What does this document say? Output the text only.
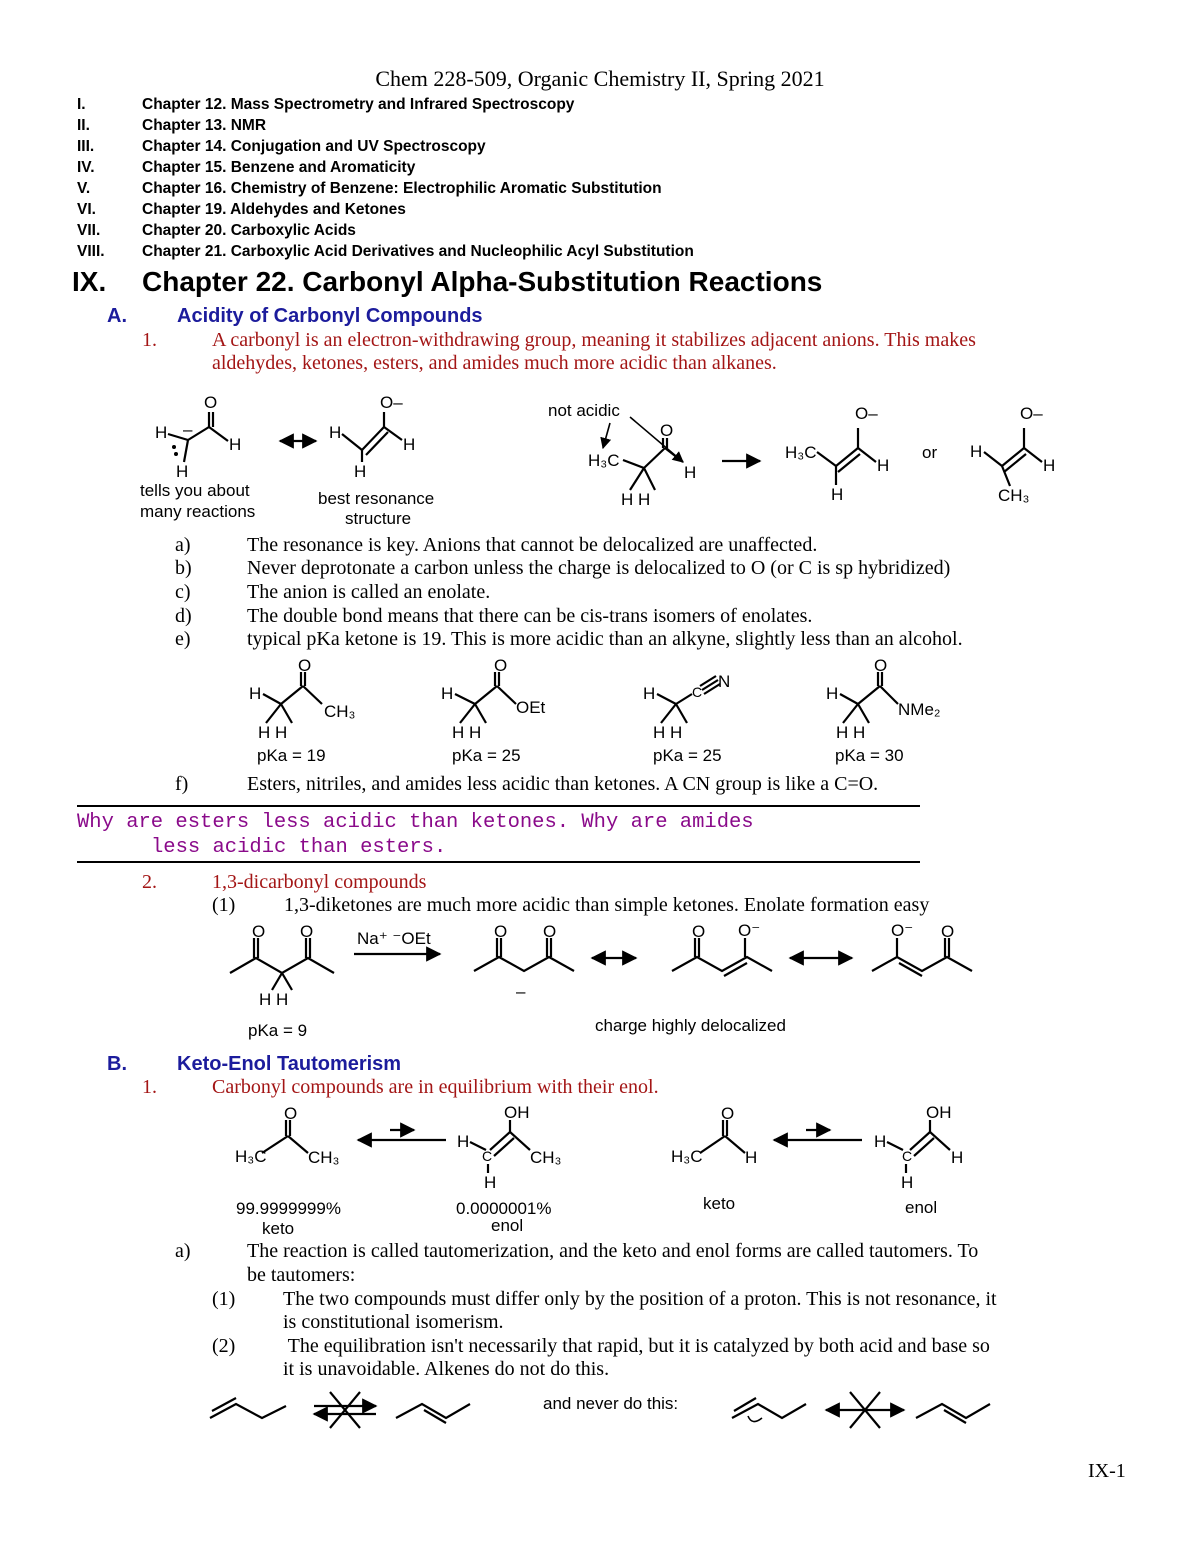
Chem 228-509, Organic Chemistry II, Spring 2021
I.	Chapter 12. Mass Spectrometry and Infrared Spectroscopy
II.	Chapter 13. NMR
III.	Chapter 14. Conjugation and UV Spectroscopy
IV.	Chapter 15. Benzene and Aromaticity
V.	Chapter 16. Chemistry of Benzene: Electrophilic Aromatic Substitution
VI.	Chapter 19. Aldehydes and Ketones
VII.	Chapter 20. Carboxylic Acids
VIII. Chapter 21. Carboxylic Acid Derivatives and Nucleophilic Acyl Substitution
IX. Chapter 22. Carbonyl Alpha-Substitution Reactions
A.	Acidity of Carbonyl Compounds
1.	A carbonyl is an electron-withdrawing group, meaning it stabilizes adjacent anions. This makes
aldehydes, ketones, esters, and amides much more acidic than alkanes.
O
H –
H
H
tells you about
many reactions
O–
H
H
H
best resonance
structure
not acidic
O
H₃C
H
H H
O–
H₃C
H
H
or
O–
H
H
CH₃
a)	The resonance is key. Anions that cannot be delocalized are unaffected.
b)	Never deprotonate a carbon unless the charge is delocalized to O (or C is sp hybridized)
c)	The anion is called an enolate.
d)	The double bond means that there can be cis-trans isomers of enolates.
e)	typical pKa ketone is 19. This is more acidic than an alkyne, slightly less than an alcohol.
O
H
CH₃
H H
pKa = 19
O
H
OEt
H H
pKa = 25
H	C
N
H H
pKa = 25
O
H
NMe₂
H H
pKa = 30
f)	Esters, nitriles, and amides less acidic than ketones. A CN group is like a C=O.
Why are esters less acidic than ketones. Why are amides
less acidic than esters.
2.	1,3-dicarbonyl compounds
(1) 1,3-diketones are much more acidic than simple ketones. Enolate formation easy
O O
H H
pKa = 9
Na⁺ ⁻OEt	O O
–
O O⁻	O⁻ O
charge highly delocalized
B.	Keto-Enol Tautomerism
1.	Carbonyl compounds are in equilibrium with their enol.
O
H₃C CH₃
99.9999999%
keto
OH
H
C CH₃
H
0.0000001%
enol
O
H₃C	H
keto
OH
H
C H
H
enol
a)	The reaction is called tautomerization, and the keto and enol forms are called tautomers. To
be tautomers:
(1) The two compounds must differ only by the position of a proton. This is not resonance, it
is constitutional isomerism.
(2) The equilibration isn't necessarily that rapid, but it is catalyzed by both acid and base so
it is unavoidable. Alkenes do not do this.
and never do this:
IX-1
